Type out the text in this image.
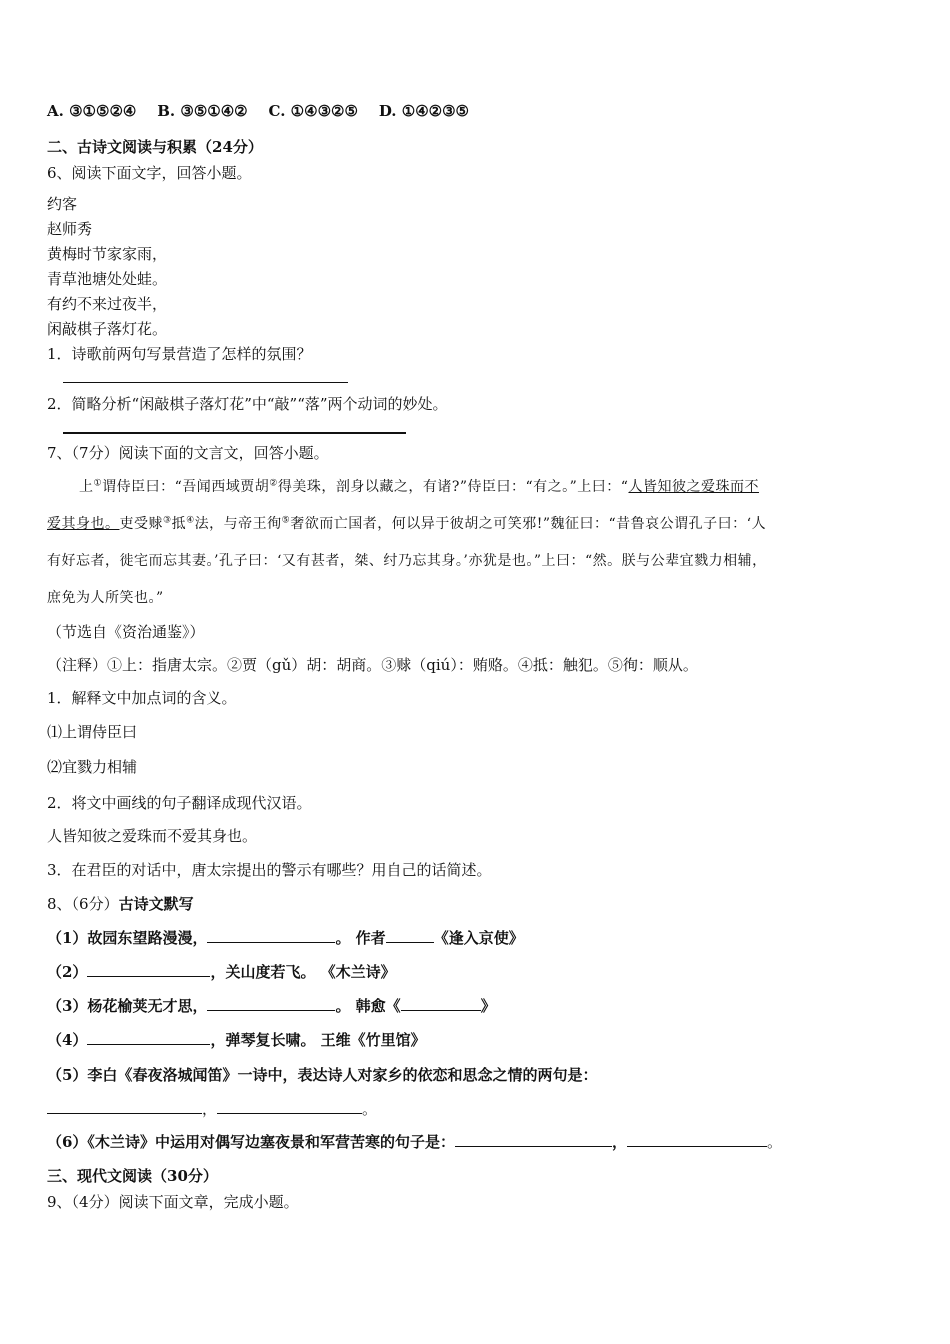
A. ③①⑤②④ B. ③⑤①④② C. ①④③②⑤ D. ①④②③⑤
二、古诗文阅读与积累（24分）
6、阅读下面文字，回答小题。
约客
赵师秀
黄梅时节家家雨，
青草池塘处处蛙。
有约不来过夜半，
闲敲棋子落灯花。
1．诗歌前两句写景营造了怎样的氛围？
2．简略分析“闲敲棋子落灯花”中“敲”“落”两个动词的妙处。
7、（7分）阅读下面的文言文，回答小题。
上①谓侍臣曰：“吾闻西域贾胡②得美珠，剖身以藏之，有诸?”侍臣曰：“有之。”上曰：“人皆知彼之爱珠而不
爱其身也。吏受赇③抵④法，与帝王徇⑤奢欲而亡国者，何以异于彼胡之可笑邪!”魏征曰：“昔鲁哀公谓孔子曰：‘人
有好忘者，徙宅而忘其妻。’孔子曰：‘又有甚者，桀、纣乃忘其身。’亦犹是也。”上曰：“然。朕与公辈宜戮力相辅，
庶免为人所笑也。”
（节选自《资治通鉴》）
（注释）①上：指唐太宗。②贾（gǔ）胡：胡商。③赇（qiú）：贿赂。④抵：触犯。⑤徇：顺从。
1．解释文中加点词的含义。
⑴上谓侍臣曰
⑵宜戮力相辅
2．将文中画线的句子翻译成现代汉语。
人皆知彼之爱珠而不爱其身也。
3．在君臣的对话中，唐太宗提出的警示有哪些？用自己的话简述。
8、（6分）古诗文默写
（1）故园东望路漫漫，	。 作者	《逢入京使》
（2）	，关山度若飞。 《木兰诗》
（3）杨花榆荚无才思，	。 韩愈《	》
（4）	，弹琴复长啸。 王维《竹里馆》
（5）李白《春夜洛城闻笛》一诗中，表达诗人对家乡的依恋和思念之情的两句是：
，	。
（6）《木兰诗》中运用对偶写边塞夜景和军营苦寒的句子是：	，	。
三、现代文阅读（30分）
9、（4分）阅读下面文章，完成小题。
